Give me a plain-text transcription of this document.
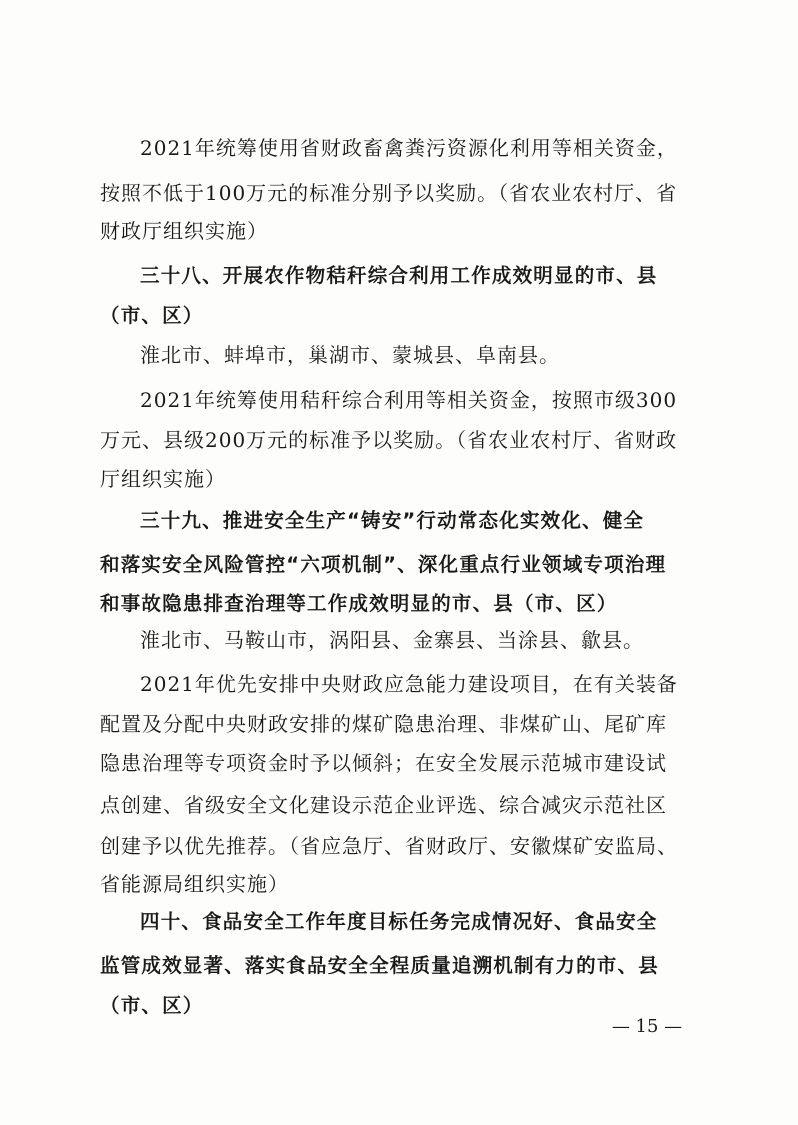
2021年统筹使用省财政畜禽粪污资源化利用等相关资金，
按照不低于100万元的标准分别予以奖励。（省农业农村厅、省
财政厅组织实施）
三十八、开展农作物秸秆综合利用工作成效明显的市、县
（市、区）
淮北市、蚌埠市，巢湖市、蒙城县、阜南县。
2021年统筹使用秸秆综合利用等相关资金，按照市级300
万元、县级200万元的标准予以奖励。（省农业农村厅、省财政
厅组织实施）
三十九、推进安全生产“铸安”行动常态化实效化、健全
和落实安全风险管控“六项机制”、深化重点行业领域专项治理
和事故隐患排查治理等工作成效明显的市、县（市、区）
淮北市、马鞍山市，涡阳县、金寨县、当涂县、歙县。
2021年优先安排中央财政应急能力建设项目，在有关装备
配置及分配中央财政安排的煤矿隐患治理、非煤矿山、尾矿库
隐患治理等专项资金时予以倾斜；在安全发展示范城市建设试
点创建、省级安全文化建设示范企业评选、综合减灾示范社区
创建予以优先推荐。（省应急厅、省财政厅、安徽煤矿安监局、
省能源局组织实施）
四十、食品安全工作年度目标任务完成情况好、食品安全
监管成效显著、落实食品安全全程质量追溯机制有力的市、县
（市、区）
— 15 —
